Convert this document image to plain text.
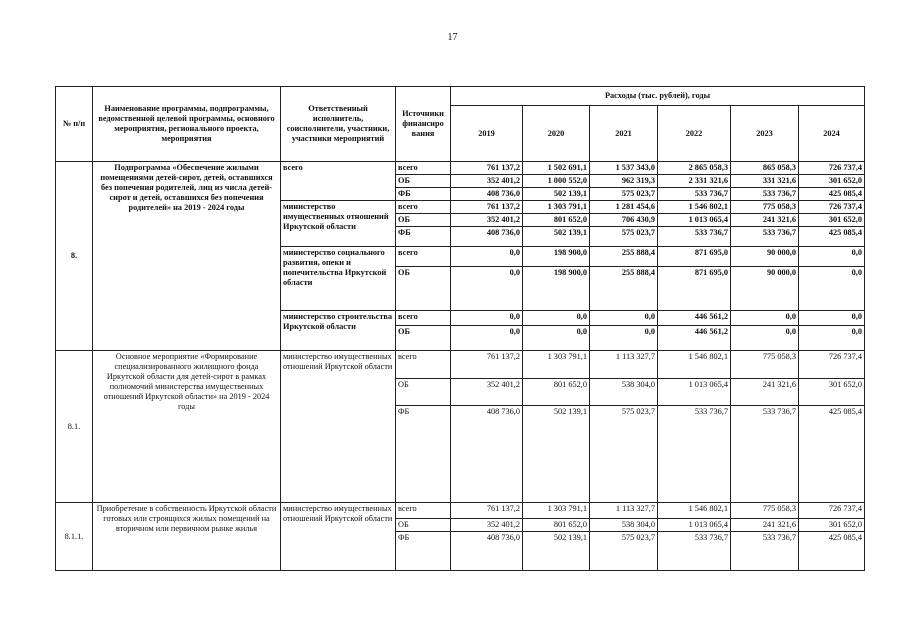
17
№ п/п	Наименование программы, подпрограммы, ведомственной целевой программы, основного мероприятия, регионального проекта, мероприятия	Ответственный исполнитель, соисполнители, участники, участники мероприятий	Источники финансиро вания	Расходы (тыс. рублей), годы					
				2019	2020	2021	2022	2023	2024
8.	Подпрограмма «Обеспечение жилыми помещениями детей-сирот, детей, оставшихся без попечения родителей, лиц из числа детей-сирот и детей, оставшихся без попечения родителей» на 2019 - 2024 годы	всего	всего	761 137,2	1 502 691,1	1 537 343,0	2 865 058,3	865 058,3	726 737,4
			ОБ	352 401,2	1 000 552,0	962 319,3	2 331 321,6	331 321,6	301 652,0
			ФБ	408 736,0	502 139,1	575 023,7	533 736,7	533 736,7	425 085,4
		министерство имущественных отношений Иркутской области	всего	761 137,2	1 303 791,1	1 281 454,6	1 546 802,1	775 058,3	726 737,4
			ОБ	352 401,2	801 652,0	706 430,9	1 013 065,4	241 321,6	301 652,0
			ФБ	408 736,0	502 139,1	575 023,7	533 736,7	533 736,7	425 085,4
		министерство социального развития, опеки и попечительства Иркутской области	всего	0,0	198 900,0	255 888,4	871 695,0	90 000,0	0,0
			ОБ	0,0	198 900,0	255 888,4	871 695,0	90 000,0	0,0
		министерство строительства Иркутской области	всего	0,0	0,0	0,0	446 561,2	0,0	0,0
			ОБ	0,0	0,0	0,0	446 561,2	0,0	0,0
8.1.	Основное мероприятие «Формирование специализированного жилищного фонда Иркутской области для детей-сирот в рамках полномочий министерства имущественных отношений Иркутской области» на 2019 - 2024 годы	министерство имущественных отношений Иркутской области	всего	761 137,2	1 303 791,1	1 113 327,7	1 546 802,1	775 058,3	726 737,4
			ОБ	352 401,2	801 652,0	538 304,0	1 013 065,4	241 321,6	301 652,0
			ФБ	408 736,0	502 139,1	575 023,7	533 736,7	533 736,7	425 085,4
8.1.1.	Приобретение в собственность Иркутской области готовых или строящихся жилых помещений на вторичном или первичном рынке жилья	министерство имущественных отношений Иркутской области	всего	761 137,2	1 303 791,1	1 113 327,7	1 546 802,1	775 058,3	726 737,4
			ОБ	352 401,2	801 652,0	538 304,0	1 013 065,4	241 321,6	301 652,0
			ФБ	408 736,0	502 139,1	575 023,7	533 736,7	533 736,7	425 085,4
